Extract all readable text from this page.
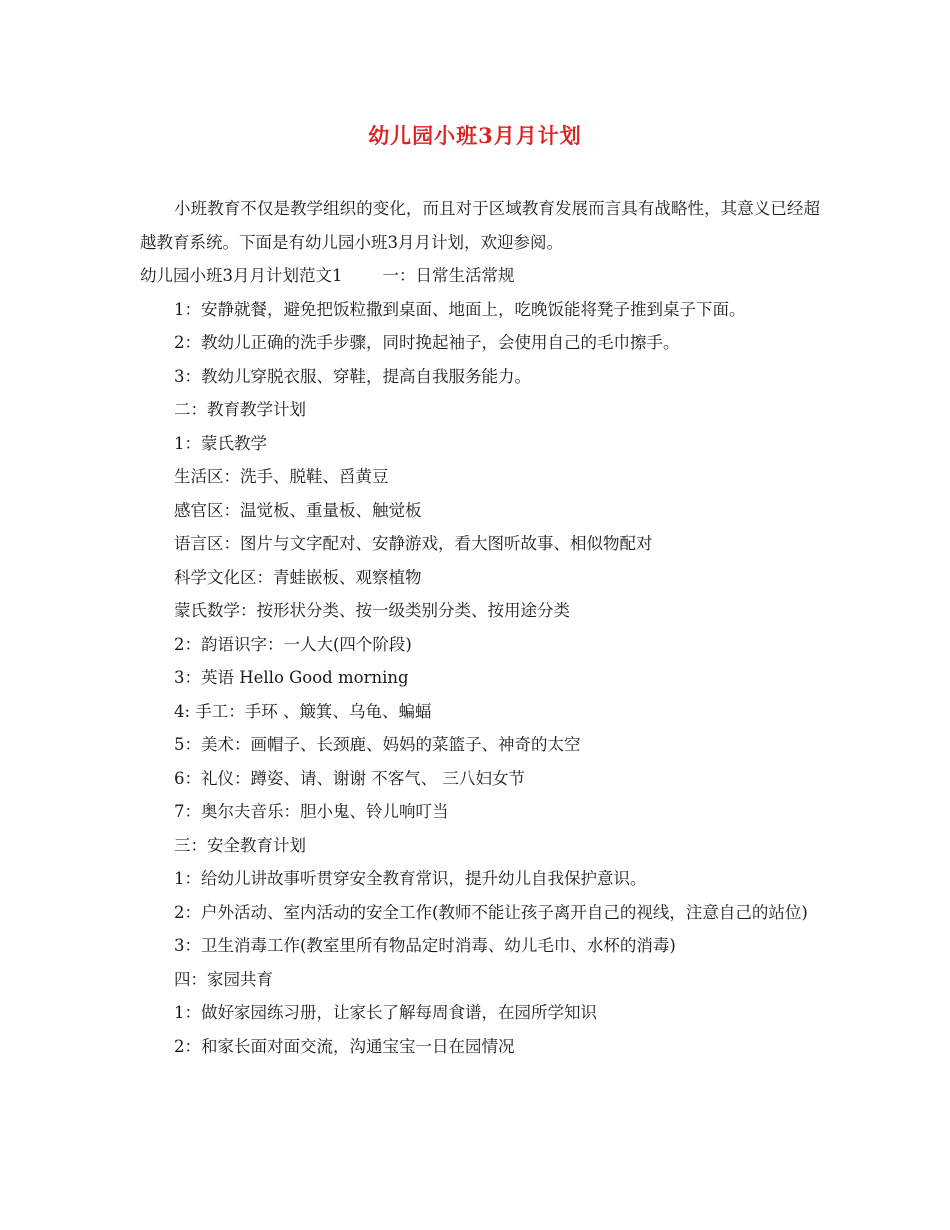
幼儿园小班3月月计划

小班教育不仅是教学组织的变化，而且对于区域教育发展而言具有战略性，其意义已经超越教育系统。下面是有幼儿园小班3月月计划，欢迎参阅。

幼儿园小班3月月计划范文1 一：日常生活常规

1：安静就餐，避免把饭粒撒到桌面、地面上，吃晚饭能将凳子推到桌子下面。

2：教幼儿正确的洗手步骤，同时挽起袖子，会使用自己的毛巾擦手。

3：教幼儿穿脱衣服、穿鞋，提高自我服务能力。

二：教育教学计划

1：蒙氏教学

生活区：洗手、脱鞋、舀黄豆

感官区：温觉板、重量板、触觉板

语言区：图片与文字配对、安静游戏，看大图听故事、相似物配对

科学文化区：青蛙嵌板、观察植物

蒙氏数学：按形状分类、按一级类别分类、按用途分类

2：韵语识字：一人大(四个阶段)

3：英语 Hello Good morning

4: 手工：手环 、簸箕、乌龟、蝙蝠

5：美术：画帽子、长颈鹿、妈妈的菜篮子、神奇的太空

6：礼仪：蹲姿、请、谢谢 不客气、 三八妇女节

7：奥尔夫音乐：胆小鬼、铃儿响叮当

三：安全教育计划

1：给幼儿讲故事听贯穿安全教育常识，提升幼儿自我保护意识。

2：户外活动、室内活动的安全工作(教师不能让孩子离开自己的视线，注意自己的站位)

3：卫生消毒工作(教室里所有物品定时消毒、幼儿毛巾、水杯的消毒)

四：家园共育

1：做好家园练习册，让家长了解每周食谱，在园所学知识

2：和家长面对面交流，沟通宝宝一日在园情况
